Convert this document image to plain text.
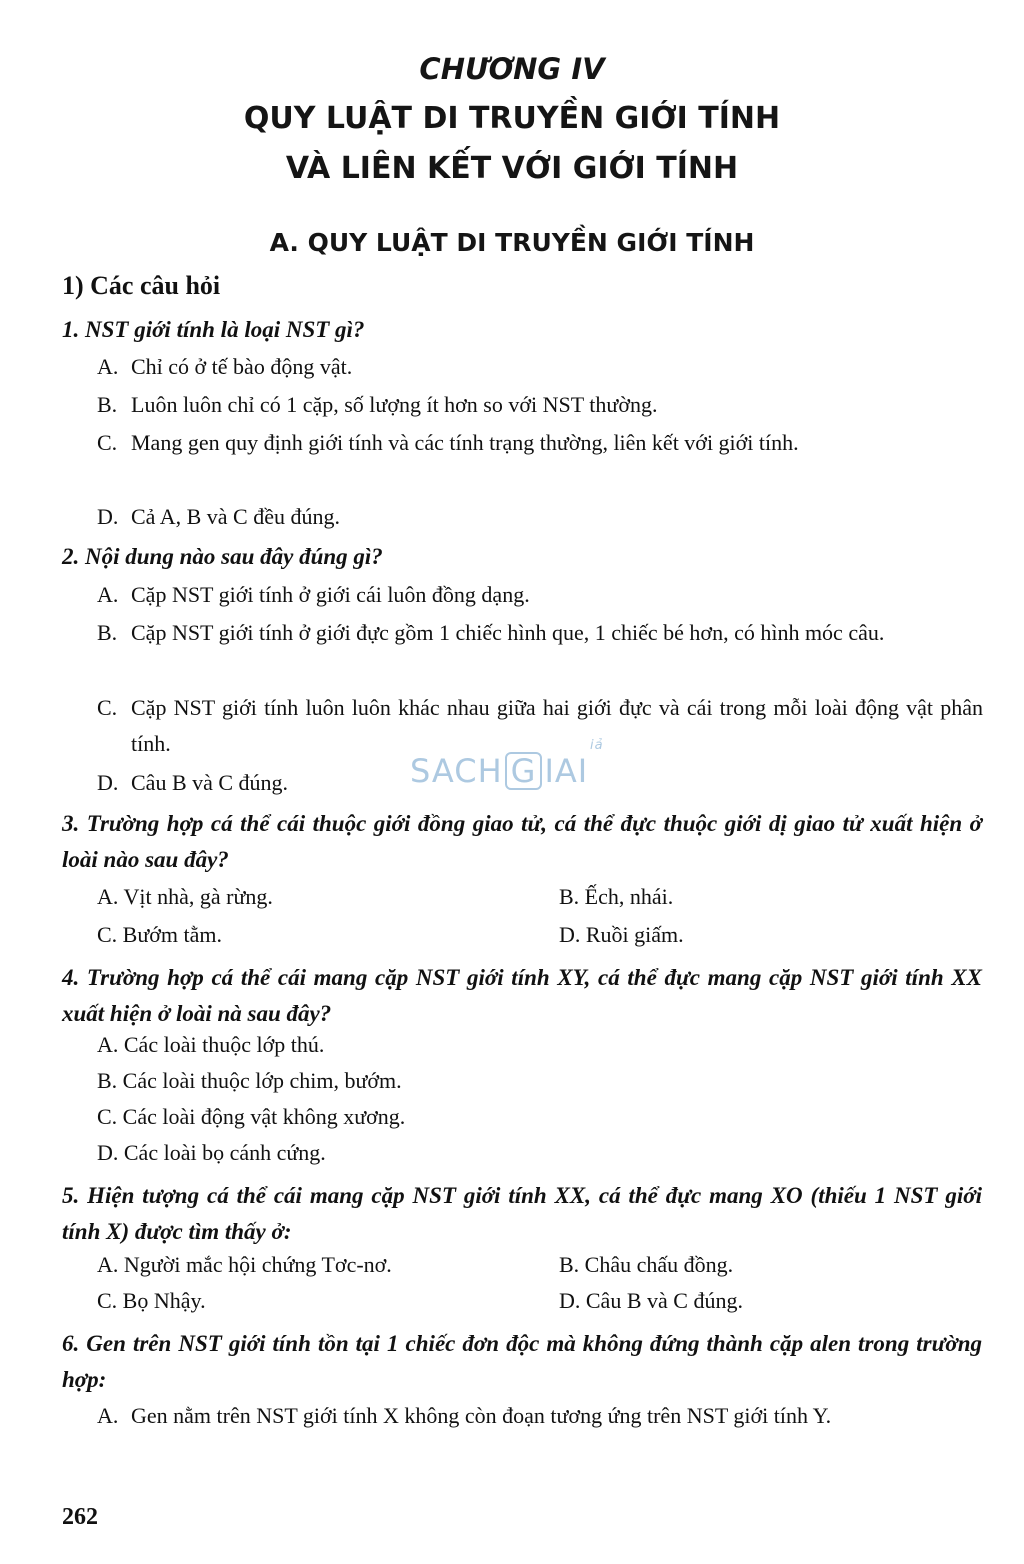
CHƯƠNG IV
QUY LUẬT DI TRUYỀN GIỚI TÍNH
VÀ LIÊN KẾT VỚI GIỚI TÍNH
A. QUY LUẬT DI TRUYỀN GIỚI TÍNH
1) Các câu hỏi
1. NST giới tính là loại NST gì?
A. Chỉ có ở tế bào động vật.
B. Luôn luôn chỉ có 1 cặp, số lượng ít hơn so với NST thường.
C. Mang gen quy định giới tính và các tính trạng thường, liên kết với giới tính.
D. Cả A, B và C đều đúng.
2. Nội dung nào sau đây đúng gì?
A. Cặp NST giới tính ở giới cái luôn đồng dạng.
B. Cặp NST giới tính ở giới đực gồm 1 chiếc hình que, 1 chiếc bé hơn, có hình móc câu.
C. Cặp NST giới tính luôn luôn khác nhau giữa hai giới đực và cái trong mỗi loài động vật phân tính.
D. Câu B và C đúng.	SACH G IAI
iả
3. Trường hợp cá thể cái thuộc giới đồng giao tử, cá thể đực thuộc giới dị giao tử xuất hiện ở loài nào sau đây?
A. Vịt nhà, gà rừng.	B. Ếch, nhái.
C. Bướm tằm.	D. Ruồi giấm.
4. Trường hợp cá thể cái mang cặp NST giới tính XY, cá thể đực mang cặp NST giới tính XX xuất hiện ở loài nà sau đây?
A. Các loài thuộc lớp thú.
B. Các loài thuộc lớp chim, bướm.
C. Các loài động vật không xương.
D. Các loài bọ cánh cứng.
5. Hiện tượng cá thể cái mang cặp NST giới tính XX, cá thể đực mang XO (thiếu 1 NST giới tính X) được tìm thấy ở:
A. Người mắc hội chứng Tơc-nơ.	B. Châu chấu đồng.
C. Bọ Nhậy.	D. Câu B và C đúng.
6. Gen trên NST giới tính tồn tại 1 chiếc đơn độc mà không đứng thành cặp alen trong trường hợp:
A. Gen nằm trên NST giới tính X không còn đoạn tương ứng trên NST giới tính Y.
262
